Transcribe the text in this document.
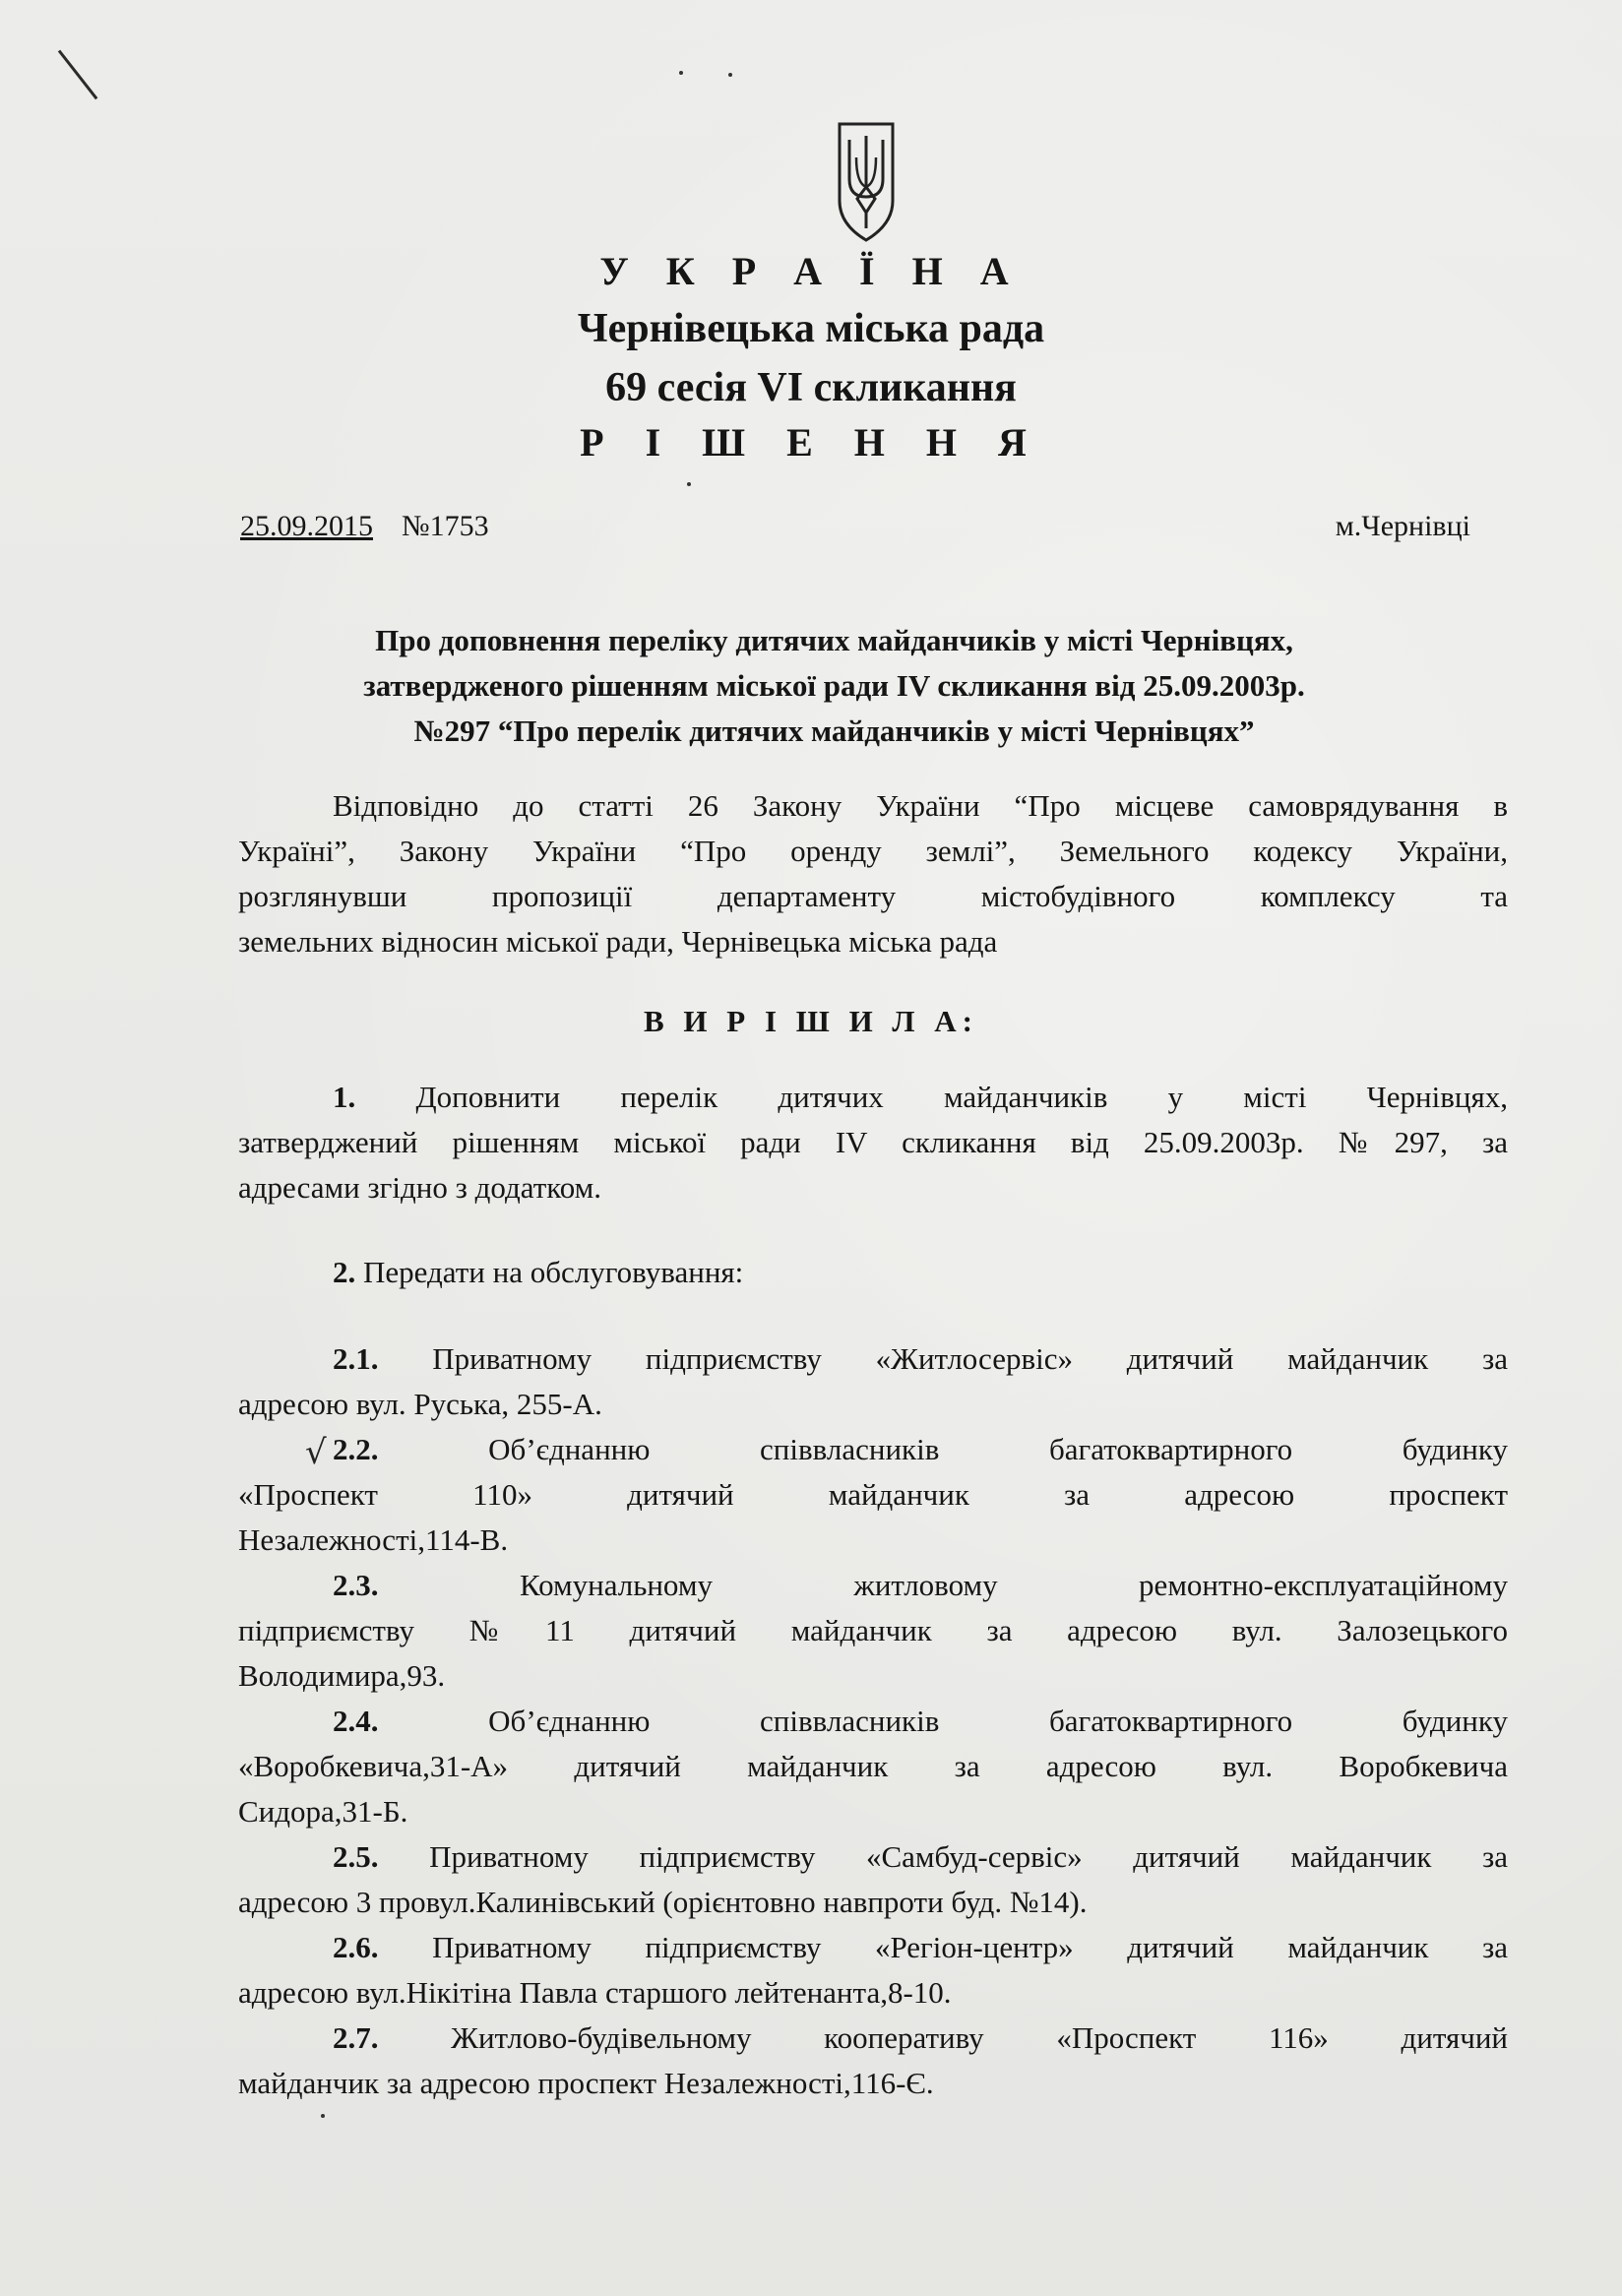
У К Р А Ї Н А
Чернівецька міська рада
69 сесія VI скликання
Р І Ш Е Н Н Я
25.09.2015 №1753	м.Чернівці
Про доповнення переліку дитячих майданчиків у місті Чернівцях,
затвердженого рішенням міської ради IV скликання від 25.09.2003р.
№297 “Про перелік дитячих майданчиків у місті Чернівцях”
Відповідно до статті 26 Закону України “Про місцеве самоврядування в
Україні”, Закону України “Про оренду землі”, Земельного кодексу України,
розглянувши пропозиції департаменту містобудівного комплексу та
земельних відносин міської ради, Чернівецька міська рада
В И Р І Ш И Л А:
1. Доповнити перелік дитячих майданчиків у місті Чернівцях,
затверджений рішенням міської ради IV скликання від 25.09.2003р. №297, за
адресами згідно з додатком.
2. Передати на обслуговування:
2.1. Приватному підприємству «Житлосервіс» дитячий майданчик за
адресою вул. Руська, 255-А.
√ 2.2.	Об’єднанню співвласників багатоквартирного будинку
«Проспект 110» дитячий майданчик за адресою проспект
Незалежності,114-В.
2.3.	Комунальному житловому ремонтно-експлуатаційному
підприємству №11 дитячий майданчик за адресою вул. Залозецького
Володимира,93.
2.4.	Об’єднанню співвласників багатоквартирного будинку
«Воробкевича,31-А» дитячий майданчик за адресою вул. Воробкевича
Сидора,31-Б.
2.5. Приватному підприємству «Самбуд-сервіс» дитячий майданчик за
адресою 3 провул.Калинівський (орієнтовно навпроти буд. №14).
2.6. Приватному підприємству «Регіон-центр» дитячий майданчик за
адресою вул.Нікітіна Павла старшого лейтенанта,8-10.
2.7. Житлово-будівельному кооперативу «Проспект 116» дитячий
майданчик за адресою проспект Незалежності,116-Є.
